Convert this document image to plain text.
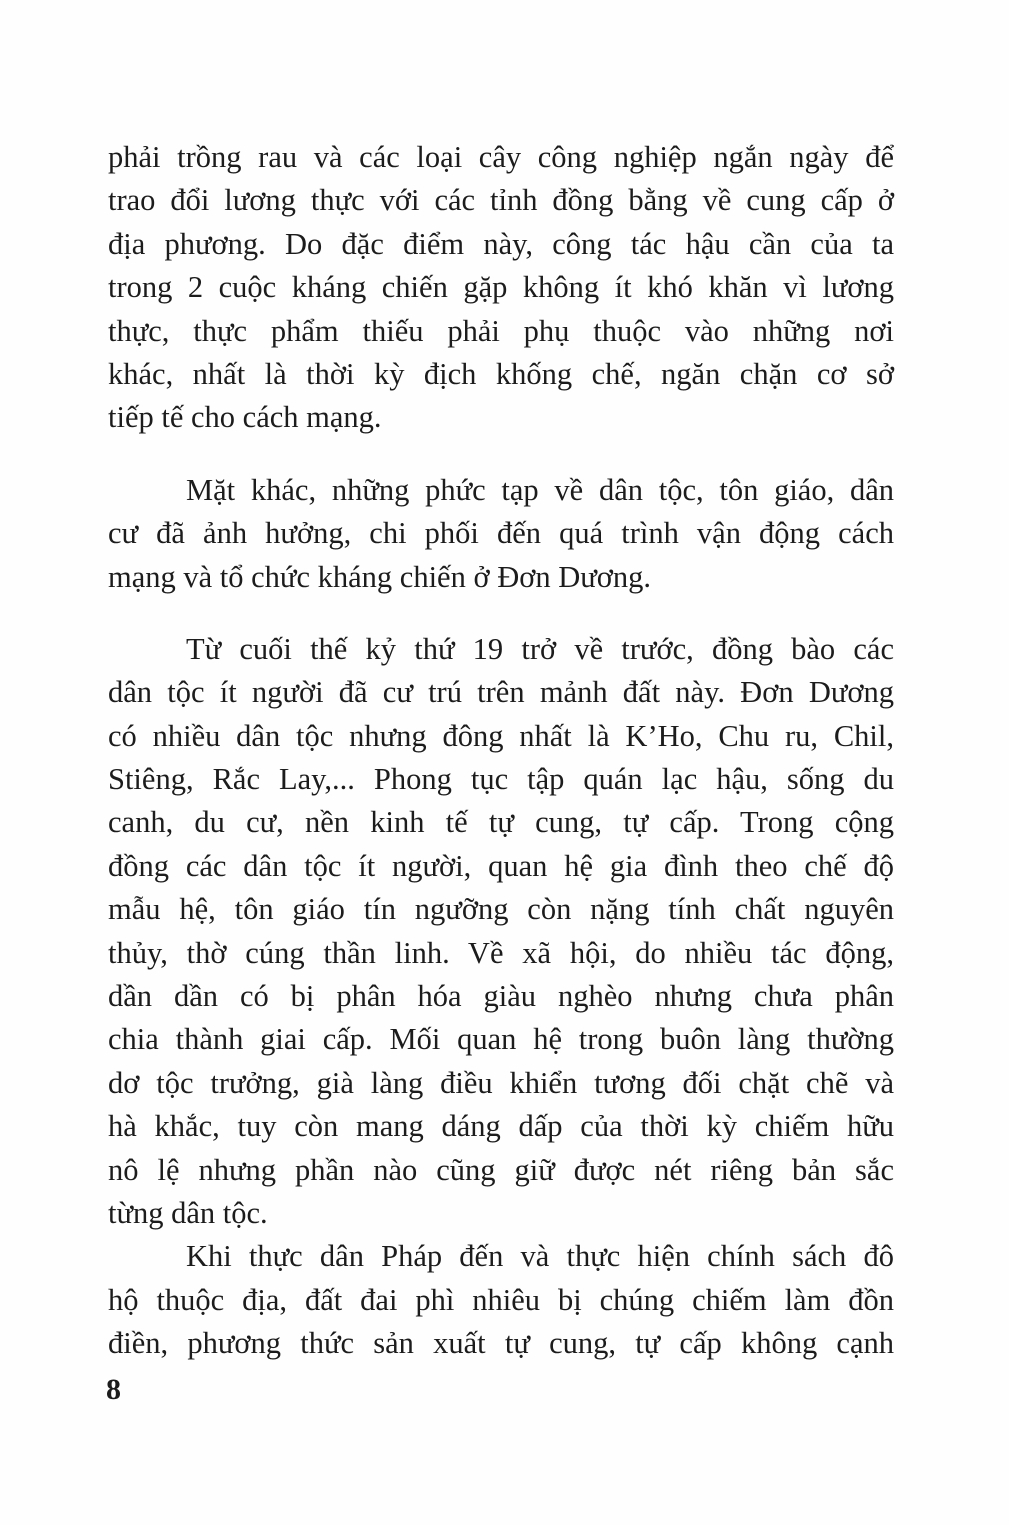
phải trồng rau và các loại cây công nghiệp ngắn ngày để
trao đổi lương thực với các tỉnh đồng bằng về cung cấp ở
địa phương. Do đặc điểm này, công tác hậu cần của ta
trong 2 cuộc kháng chiến gặp không ít khó khăn vì lương
thực, thực phẩm thiếu phải phụ thuộc vào những nơi
khác, nhất là thời kỳ địch khống chế, ngăn chặn cơ sở
tiếp tế cho cách mạng.
Mặt khác, những phức tạp về dân tộc, tôn giáo, dân
cư đã ảnh hưởng, chi phối đến quá trình vận động cách
mạng và tổ chức kháng chiến ở Đơn Dương.
Từ cuối thế kỷ thứ 19 trở về trước, đồng bào các
dân tộc ít người đã cư trú trên mảnh đất này. Đơn Dương
có nhiều dân tộc nhưng đông nhất là K’Ho, Chu ru, Chil,
Stiêng, Rắc Lay,... Phong tục tập quán lạc hậu, sống du
canh, du cư, nền kinh tế tự cung, tự cấp. Trong cộng
đồng các dân tộc ít người, quan hệ gia đình theo chế độ
mẫu hệ, tôn giáo tín ngưỡng còn nặng tính chất nguyên
thủy, thờ cúng thần linh. Về xã hội, do nhiều tác động,
dần dần có bị phân hóa giàu nghèo nhưng chưa phân
chia thành giai cấp. Mối quan hệ trong buôn làng thường
dơ tộc trưởng, già làng điều khiển tương đối chặt chẽ và
hà khắc, tuy còn mang dáng dấp của thời kỳ chiếm hữu
nô lệ nhưng phần nào cũng giữ được nét riêng bản sắc
từng dân tộc.
Khi thực dân Pháp đến và thực hiện chính sách đô
hộ thuộc địa, đất đai phì nhiêu bị chúng chiếm làm đồn
điền, phương thức sản xuất tự cung, tự cấp không cạnh
8
